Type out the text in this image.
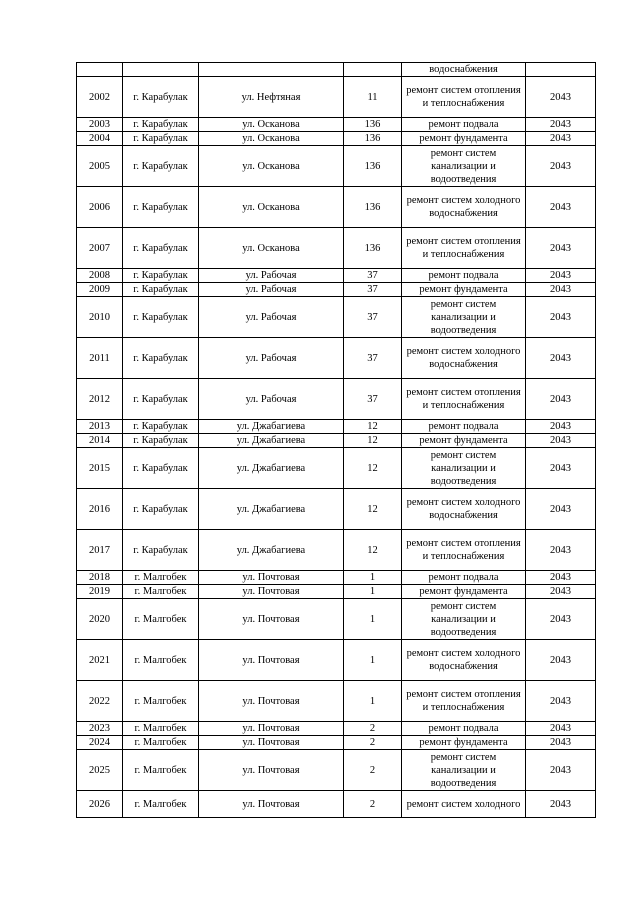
				водоснабжения	
2002	г. Карабулак	ул. Нефтяная	11	ремонт систем отопления и теплоснабжения	2043
2003	г. Карабулак	ул. Осканова	136	ремонт подвала	2043
2004	г. Карабулак	ул. Осканова	136	ремонт фундамента	2043
2005	г. Карабулак	ул. Осканова	136	ремонт систем канализации и водоотведения	2043
2006	г. Карабулак	ул. Осканова	136	ремонт систем холодного водоснабжения	2043
2007	г. Карабулак	ул. Осканова	136	ремонт систем отопления и теплоснабжения	2043
2008	г. Карабулак	ул. Рабочая	37	ремонт подвала	2043
2009	г. Карабулак	ул. Рабочая	37	ремонт фундамента	2043
2010	г. Карабулак	ул. Рабочая	37	ремонт систем канализации и водоотведения	2043
2011	г. Карабулак	ул. Рабочая	37	ремонт систем холодного водоснабжения	2043
2012	г. Карабулак	ул. Рабочая	37	ремонт систем отопления и теплоснабжения	2043
2013	г. Карабулак	ул. Джабагиева	12	ремонт подвала	2043
2014	г. Карабулак	ул. Джабагиева	12	ремонт фундамента	2043
2015	г. Карабулак	ул. Джабагиева	12	ремонт систем канализации и водоотведения	2043
2016	г. Карабулак	ул. Джабагиева	12	ремонт систем холодного водоснабжения	2043
2017	г. Карабулак	ул. Джабагиева	12	ремонт систем отопления и теплоснабжения	2043
2018	г. Малгобек	ул. Почтовая	1	ремонт подвала	2043
2019	г. Малгобек	ул. Почтовая	1	ремонт фундамента	2043
2020	г. Малгобек	ул. Почтовая	1	ремонт систем канализации и водоотведения	2043
2021	г. Малгобек	ул. Почтовая	1	ремонт систем холодного водоснабжения	2043
2022	г. Малгобек	ул. Почтовая	1	ремонт систем отопления и теплоснабжения	2043
2023	г. Малгобек	ул. Почтовая	2	ремонт подвала	2043
2024	г. Малгобек	ул. Почтовая	2	ремонт фундамента	2043
2025	г. Малгобек	ул. Почтовая	2	ремонт систем канализации и водоотведения	2043
2026	г. Малгобек	ул. Почтовая	2	ремонт систем холодного	2043
